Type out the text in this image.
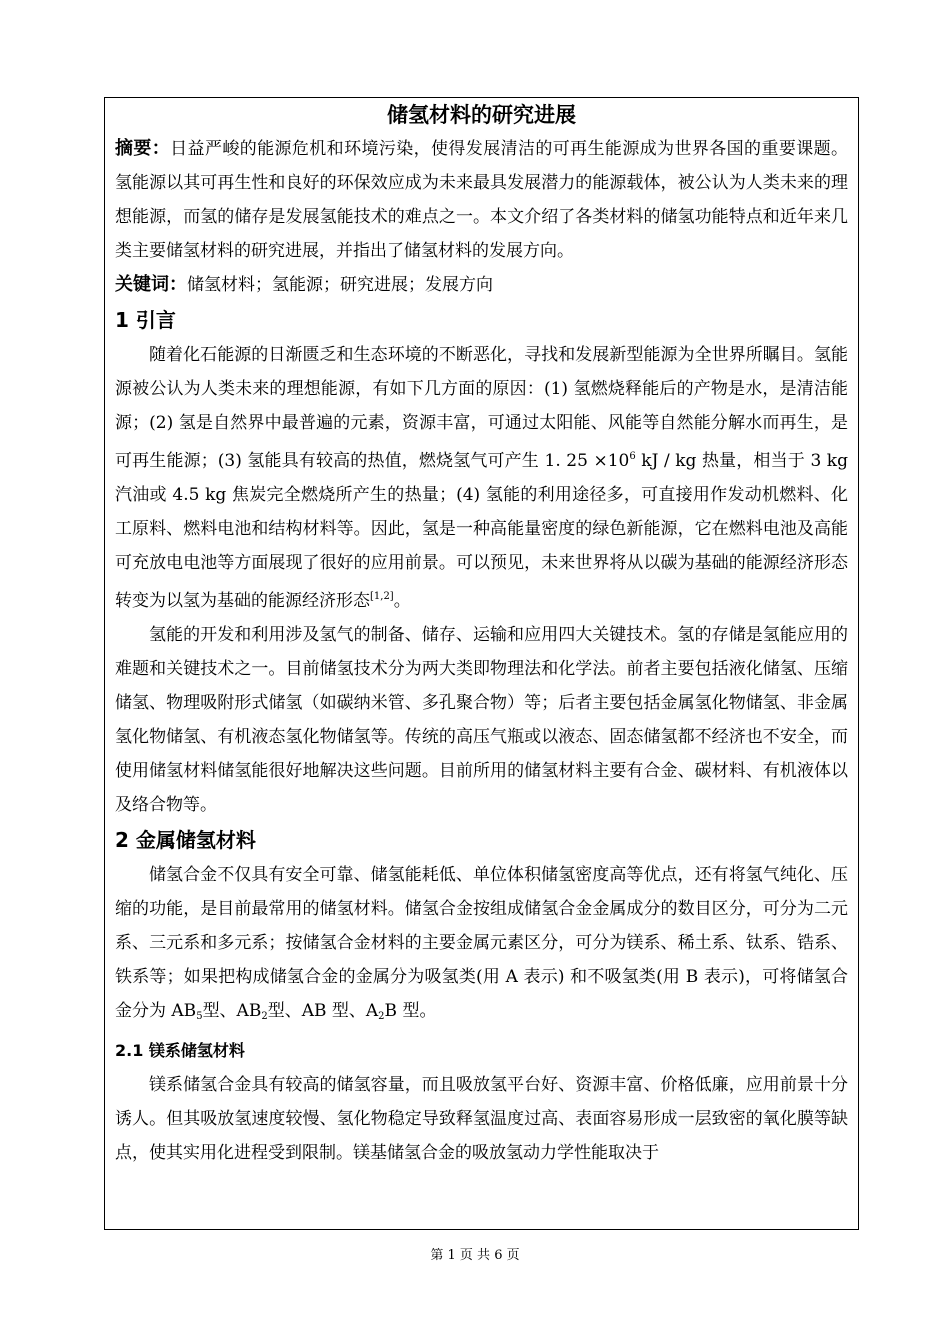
储氢材料的研究进展

摘要：日益严峻的能源危机和环境污染，使得发展清洁的可再生能源成为世界各国的重要课题。氢能源以其可再生性和良好的环保效应成为未来最具发展潜力的能源载体，被公认为人类未来的理想能源，而氢的储存是发展氢能技术的难点之一。本文介绍了各类材料的储氢功能特点和近年来几类主要储氢材料的研究进展，并指出了储氢材料的发展方向。

关键词：储氢材料；氢能源；研究进展；发展方向

1 引言

随着化石能源的日渐匮乏和生态环境的不断恶化，寻找和发展新型能源为全世界所瞩目。氢能源被公认为人类未来的理想能源，有如下几方面的原因：(1) 氢燃烧释能后的产物是水，是清洁能源；(2) 氢是自然界中最普遍的元素，资源丰富，可通过太阳能、风能等自然能分解水而再生，是可再生能源；(3) 氢能具有较高的热值，燃烧氢气可产生 1. $25 \times 10^6$ kJ / kg 热量，相当于 3 kg 汽油或 4.5 kg 焦炭完全燃烧所产生的热量；(4) 氢能的利用途径多，可直接用作发动机燃料、化工原料、燃料电池和结构材料等。因此，氢是一种高能量密度的绿色新能源，它在燃料电池及高能可充放电电池等方面展现了很好的应用前景。可以预见，未来世界将从以碳为基础的能源经济形态转变为以氢为基础的能源经济形态[1,2]。

氢能的开发和利用涉及氢气的制备、储存、运输和应用四大关键技术。氢的存储是氢能应用的难题和关键技术之一。目前储氢技术分为两大类即物理法和化学法。前者主要包括液化储氢、压缩储氢、物理吸附形式储氢（如碳纳米管、多孔聚合物）等；后者主要包括金属氢化物储氢、非金属氢化物储氢、有机液态氢化物储氢等。传统的高压气瓶或以液态、固态储氢都不经济也不安全，而使用储氢材料储氢能很好地解决这些问题。目前所用的储氢材料主要有合金、碳材料、有机液体以及络合物等。

2 金属储氢材料

储氢合金不仅具有安全可靠、储氢能耗低、单位体积储氢密度高等优点，还有将氢气纯化、压缩的功能，是目前最常用的储氢材料。储氢合金按组成储氢合金金属成分的数目区分，可分为二元系、三元系和多元系；按储氢合金材料的主要金属元素区分，可分为镁系、稀土系、钛系、锆系、铁系等；如果把构成储氢合金的金属分为吸氢类(用 A 表示) 和不吸氢类(用 B 表示)，可将储氢合金分为 $AB_5$型、$AB_2$型、AB 型、$A_2B$ 型。

2.1 镁系储氢材料

镁系储氢合金具有较高的储氢容量，而且吸放氢平台好、资源丰富、价格低廉，应用前景十分诱人。但其吸放氢速度较慢、氢化物稳定导致释氢温度过高、表面容易形成一层致密的氧化膜等缺点，使其实用化进程受到限制。镁基储氢合金的吸放氢动力学性能取决于

第 1 页 共 6 页
